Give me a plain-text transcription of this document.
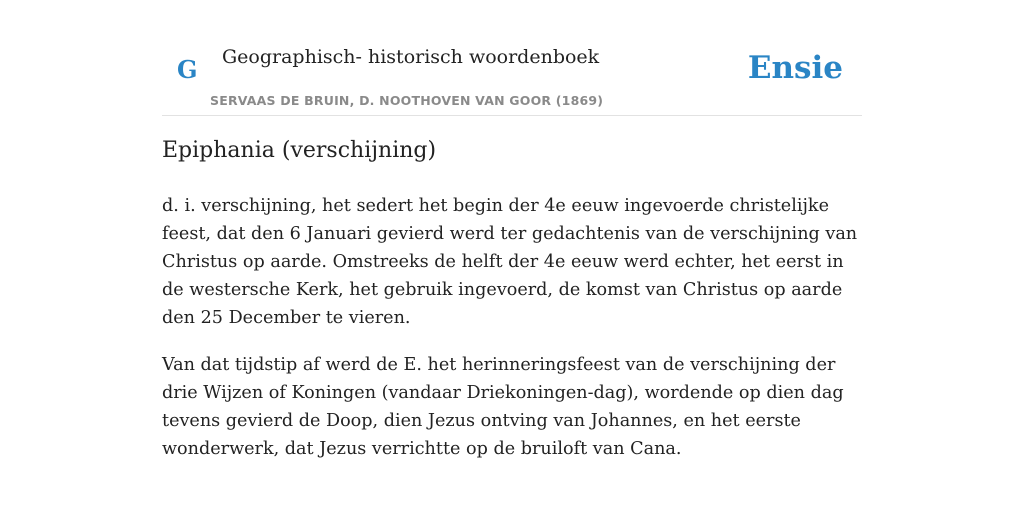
G Geographisch- historisch woordenboek
SERVAAS DE BRUIN, D. NOOTHOVEN VAN GOOR (1869)
Ensie
Epiphania (verschijning)

d. i. verschijning, het sedert het begin der 4e eeuw ingevoerde christelijke feest, dat den 6 Januari gevierd werd ter gedachtenis van de verschijning van Christus op aarde. Omstreeks de helft der 4e eeuw werd echter, het eerst in de westersche Kerk, het gebruik ingevoerd, de komst van Christus op aarde den 25 December te vieren.

Van dat tijdstip af werd de E. het herinneringsfeest van de verschijning der drie Wijzen of Koningen (vandaar Driekoningen-dag), wordende op dien dag tevens gevierd de Doop, dien Jezus ontving van Johannes, en het eerste wonderwerk, dat Jezus verrichtte op de bruiloft van Cana.
